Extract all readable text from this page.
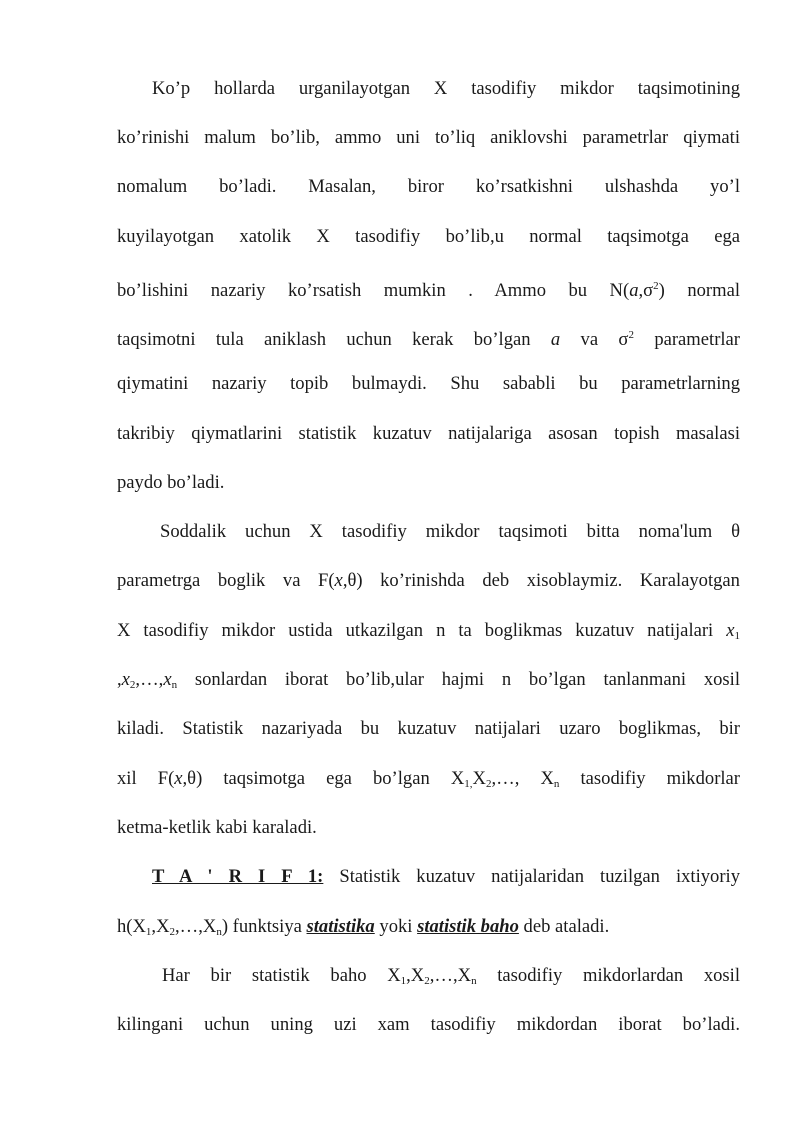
Ko’p hollarda urganilayotgan X tasodifiy mikdor taqsimotining
ko’rinishi malum bo’lib, ammo uni to’liq aniklovshi parametrlar qiymati
nomalum bo’ladi. Masalan, biror ko’rsatkishni ulshashda yo’l
kuyilayotgan xatolik X tasodifiy bo’lib,u normal taqsimotga ega
bo’lishini nazariy ko’rsatish mumkin . Ammo bu $N(a,\sigma^2)$ normal
taqsimotni tula aniklash uchun kerak bo’lgan a va $\sigma^2$ parametrlar
qiymatini nazariy topib bulmaydi. Shu sababli bu parametrlarning
takribiy qiymatlarini statistik kuzatuv natijalariga asosan topish masalasi
paydo bo’ladi.
Soddalik uchun X tasodifiy mikdor taqsimoti bitta noma'lum θ
parametrga boglik va F(x,θ) ko’rinishda deb xisoblaymiz. Karalayotgan
X tasodifiy mikdor ustida utkazilgan n ta boglikmas kuzatuv natijalari $x_1$
$,x_2,\dots,x_n$ sonlardan iborat bo’lib,ular hajmi n bo’lgan tanlanmani xosil
kiladi. Statistik nazariyada bu kuzatuv natijalari uzaro boglikmas, bir
xil F(x,θ) taqsimotga ega bo’lgan $X_{1,}X_2,\dots$, $X_n$ tasodifiy mikdorlar
ketma-ketlik kabi karaladi.
T A ' R I F 1: Statistik kuzatuv natijalaridan tuzilgan ixtiyoriy
$h(X_1,X_2,\dots,X_n)$ funktsiya statistika yoki statistik baho deb ataladi.
Har bir statistik baho $X_1,X_2,\dots,X_n$ tasodifiy mikdorlardan xosil
kilingani uchun uning uzi xam tasodifiy mikdordan iborat bo’ladi.
